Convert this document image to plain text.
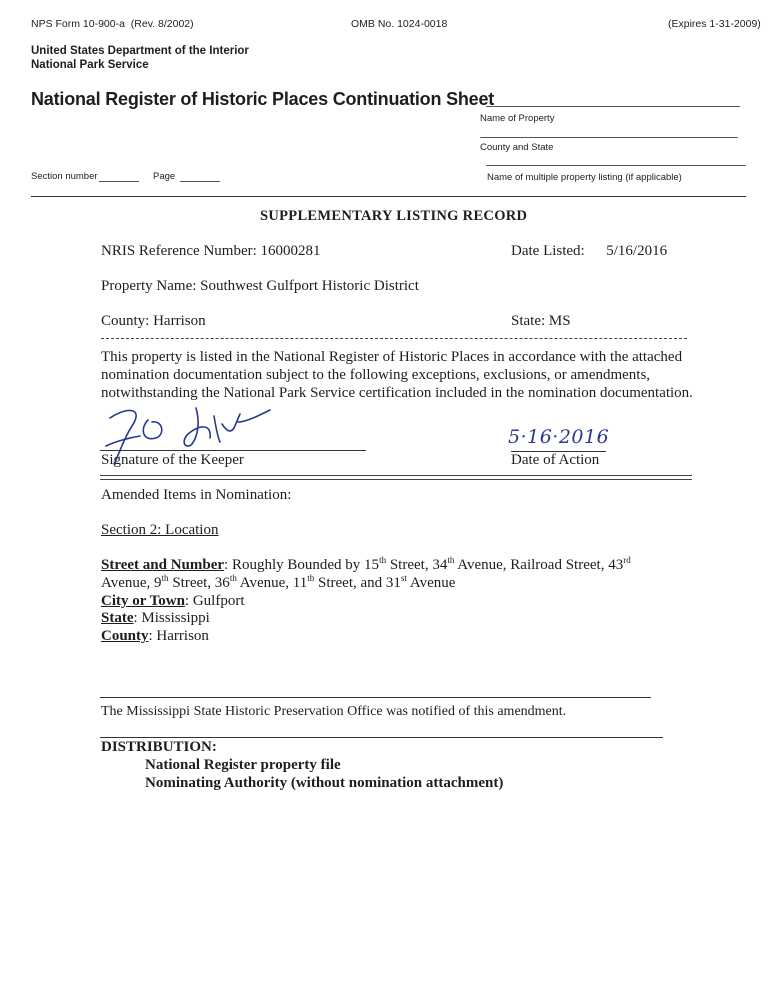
NPS Form 10-900-a (Rev. 8/2002)	OMB No. 1024-0018	(Expires 1-31-2009)
United States Department of the Interior
National Park Service
National Register of Historic Places Continuation Sheet
Name of Property
County and State
Name of multiple property listing (if applicable)
Section number	Page
SUPPLEMENTARY LISTING RECORD
NRIS Reference Number: 16000281	Date Listed: 5/16/2016
Property Name: Southwest Gulfport Historic District
County: Harrison	State: MS
This property is listed in the National Register of Historic Places in accordance with the attached
nomination documentation subject to the following exceptions, exclusions, or amendments,
notwithstanding the National Park Service certification included in the nomination documentation.
Signature of the Keeper
5·16·2016
Date of Action
Amended Items in Nomination:
Section 2: Location
Street and Number: Roughly Bounded by 15th Street, 34th Avenue, Railroad Street, 43rd
Avenue, 9th Street, 36th Avenue, 11th Street, and 31st Avenue
City or Town: Gulfport
State: Mississippi
County: Harrison
The Mississippi State Historic Preservation Office was notified of this amendment.
DISTRIBUTION:
National Register property file
Nominating Authority (without nomination attachment)
